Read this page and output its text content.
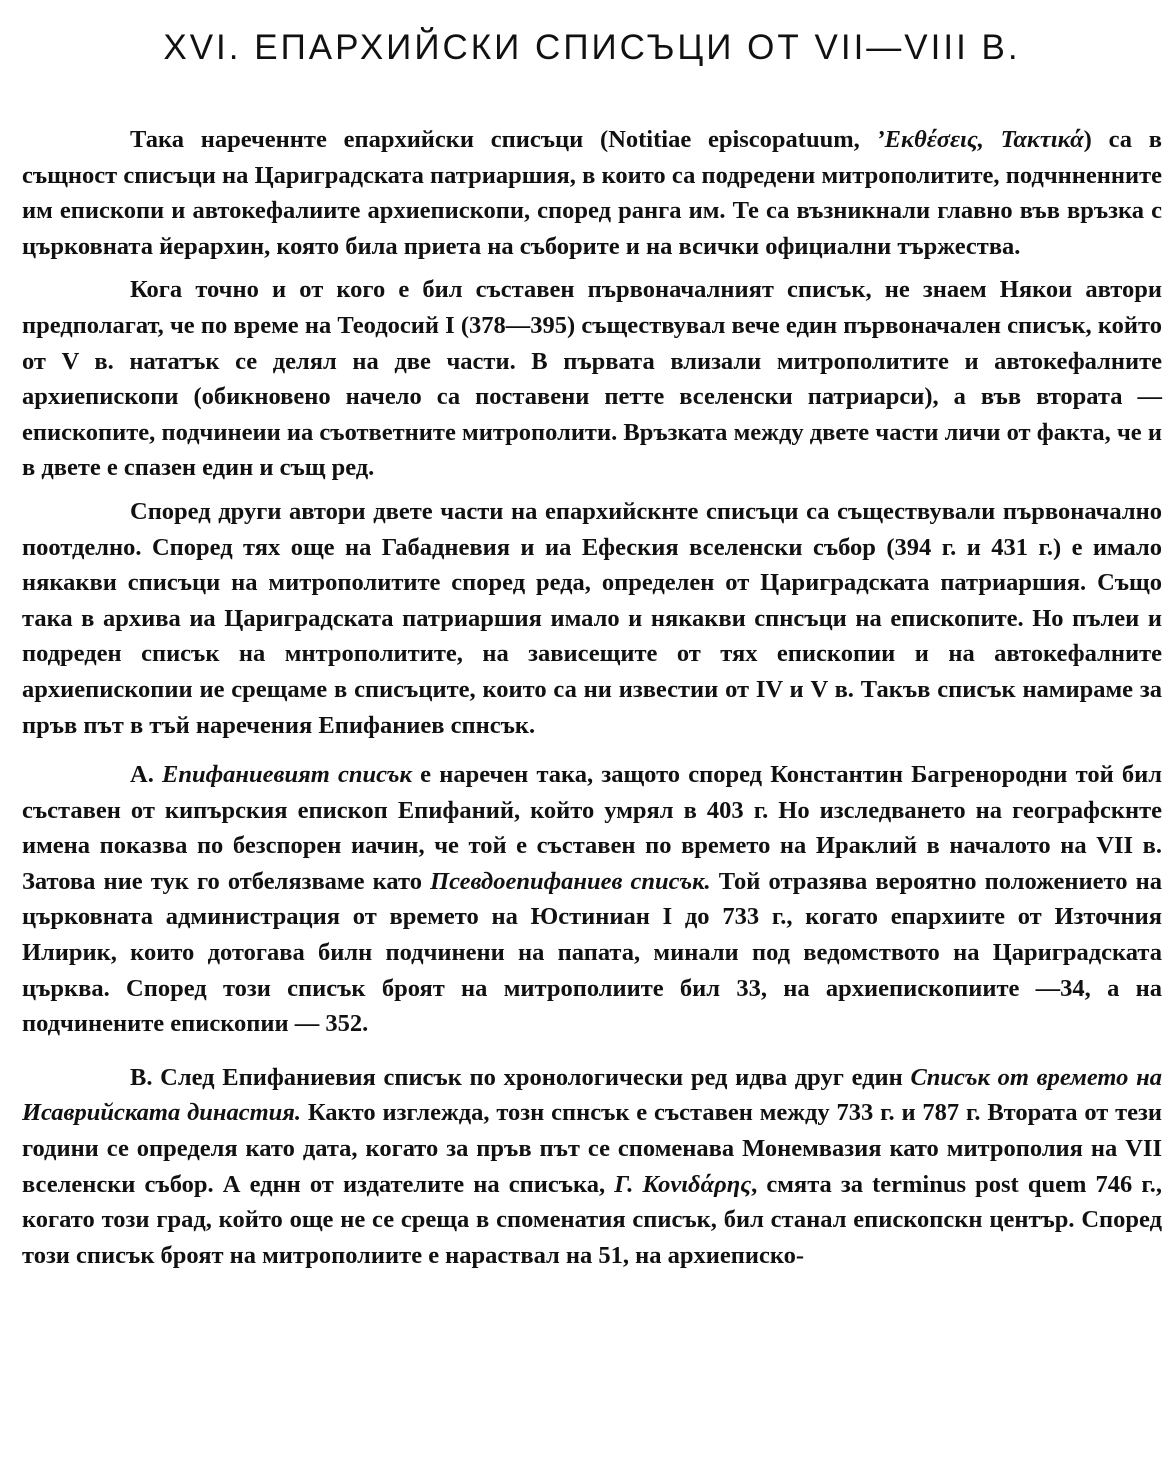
XVI. ЕПАРХИЙСКИ СПИСЪЦИ ОТ VII—VIII В.

Така нареченнте епархийски списъци (Notitiae episcopatuum, ’Εκθέσεις, Τακτικά) са в същност списъци на Цариградската патриаршия, в които са подредени митрополитите, подчнненните им епископи и автокефалиите архиепископи, според ранга им. Те са възникнали главно във връзка с църковната йерархин, която била приета на съборите и на всички официални тържества.

Кога точно и от кого е бил съставен първоначалният списък, не знаем Някои автори предполагат, че по време на Теодосий I (378—395) съществувал вече един първоначален списък, който от V в. нататък се делял на две части. В първата влизали митрополитите и автокефалните архиепископи (обикновено начело са поставени петте вселенски патриарси), а във втората — епископите, подчинеии иа съответните митрополити. Връзката между двете части личи от факта, че и в двете е спазен един и същ ред.

Според други автори двете части на епархийскнте списъци са съществували първоначално поотделно. Според тях още на Габадневия и иа Ефеския вселенски събор (394 г. и 431 г.) е имало някакви списъци на митрополитите според реда, определен от Цариградската патриаршия. Също така в архива иа Цариградската патриаршия имало и някакви спнсъци на епископите. Но пълеи и подреден списък на мнтрополитите, на зависещите от тях епископии и на автокефалните архиепископии ие срещаме в списъците, които са ни известии от IV и V в. Такъв списък намираме за пръв път в тъй наречения Епифаниев спнсък.

А. Епифаниевият списък е наречен така, защото според Константин Багренородни той бил съставен от кипърския епископ Епифаний, който умрял в 403 г. Но изследването на географскнте имена показва по безспорен иачин, че той е съставен по времето на Ираклий в началото на VII в. Затова ние тук го отбелязваме като Псевдоепифаниев списък. Той отразява вероятно положението на църковната администрация от времето на Юстиниан I до 733 г., когато епархиите от Източния Илирик, които дотогава билн подчинени на папата, минали под ведомството на Цариградската църква. Според този списък броят на митрополиите бил 33, на архиепископиите —34, а на подчинените епископии — 352.

В. След Епифаниевия списък по хронологически ред идва друг един Списък от времето на Исаврийската династия. Както изглежда, тозн спнсък е съставен между 733 г. и 787 г. Втората от тези години се определя като дата, когато за пръв път се споменава Монемвазия като митрополия на VII вселенски събор. А еднн от издателите на списъка, Г. Κονιδάρης, смята за terminus post quem 746 г., когато този град, който още не се среща в споменатия списък, бил станал епископскн център. Според този списък броят на митрополиите е нараствал на 51, на архиеписко-
